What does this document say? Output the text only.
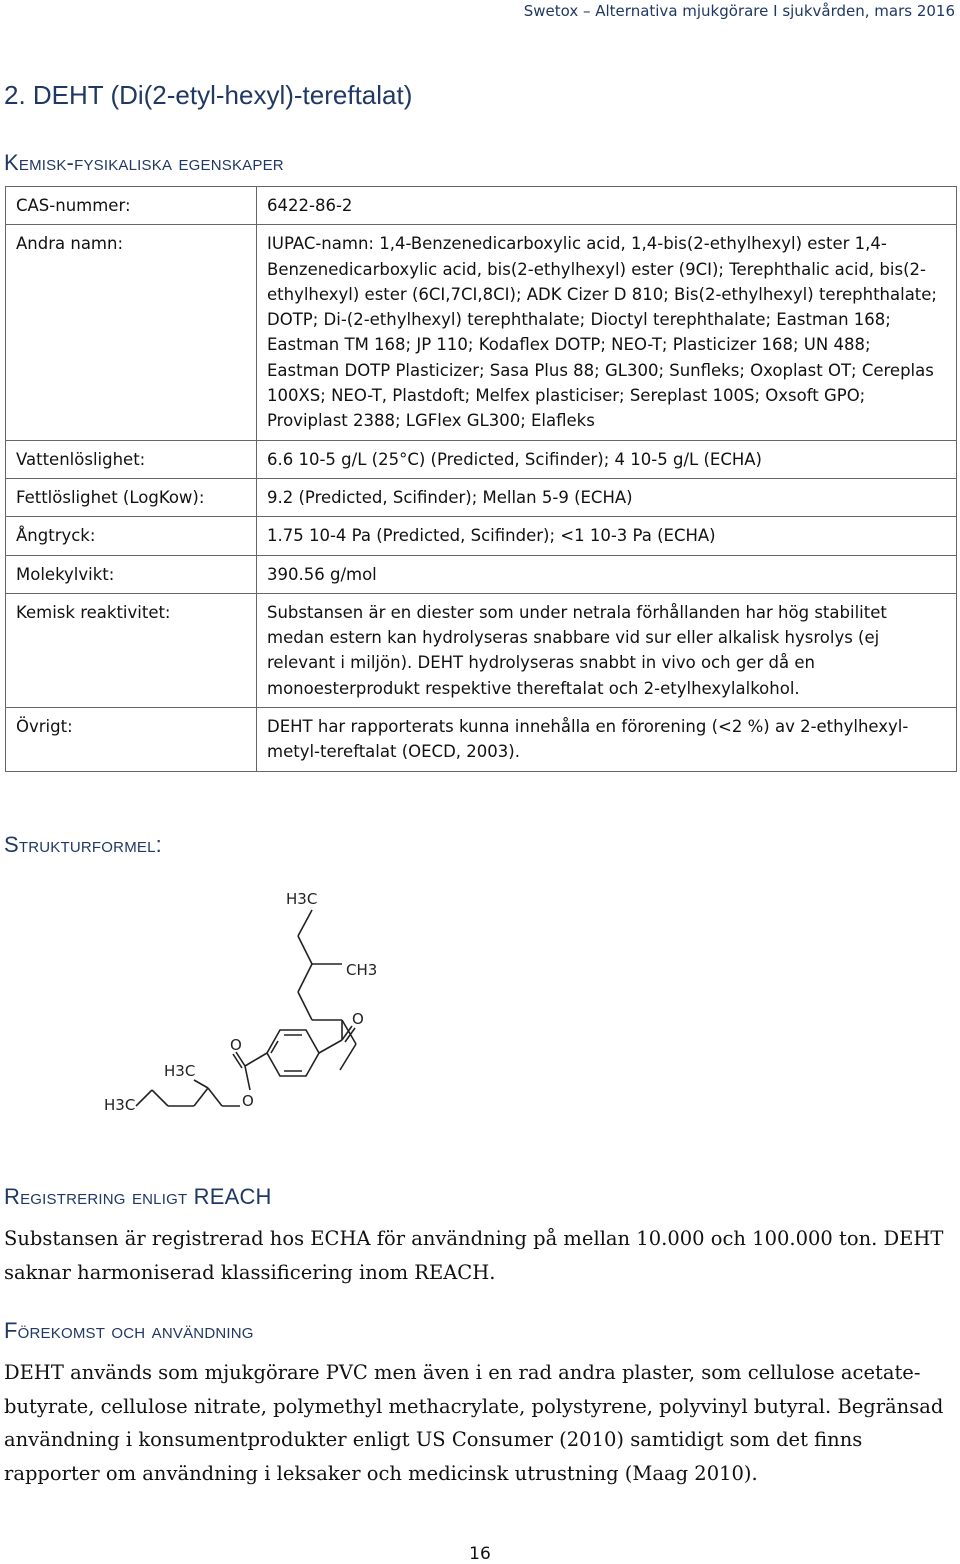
Swetox – Alternativa mjukgörare I sjukvården, mars 2016
2. DEHT (Di(2-etyl-hexyl)-tereftalat)
Kemisk-fysikaliska egenskaper
CAS-nummer:	6422-86-2
Andra namn:	IUPAC-namn: 1,4-Benzenedicarboxylic acid, 1,4-bis(2-ethylhexyl) ester 1,4-Benzenedicarboxylic acid, bis(2-ethylhexyl) ester (9CI); Terephthalic acid, bis(2-ethylhexyl) ester (6CI,7CI,8CI); ADK Cizer D 810; Bis(2-ethylhexyl) terephthalate; DOTP; Di-(2-ethylhexyl) terephthalate; Dioctyl terephthalate; Eastman 168; Eastman TM 168; JP 110; Kodaflex DOTP; NEO-T; Plasticizer 168; UN 488; Eastman DOTP Plasticizer; Sasa Plus 88; GL300; Sunfleks; Oxoplast OT; Cereplas 100XS; NEO-T, Plastdoft; Melfex plasticiser; Sereplast 100S; Oxsoft GPO; Proviplast 2388; LGFlex GL300; Elafleks
Vattenlöslighet:	6.6 10-5 g/L (25°C) (Predicted, Scifinder); 4 10-5 g/L (ECHA)
Fettlöslighet (LogKow):	9.2 (Predicted, Scifinder); Mellan 5-9 (ECHA)
Ångtryck:	1.75 10-4 Pa (Predicted, Scifinder); <1 10-3 Pa (ECHA)
Molekylvikt:	390.56 g/mol
Kemisk reaktivitet:	Substansen är en diester som under netrala förhållanden har hög stabilitet medan estern kan hydrolyseras snabbare vid sur eller alkalisk hysrolys (ej relevant i miljön). DEHT hydrolyseras snabbt in vivo och ger då en monoesterprodukt respektive thereftalat och 2-etylhexylalkohol.
Övrigt:	DEHT har rapporterats kunna innehålla en förorening (<2 %) av 2-ethylhexyl-metyl-tereftalat (OECD, 2003).
Strukturformel:
H3C
CH3
O
O
O
H3C
H3C
Registrering enligt REACH
Substansen är registrerad hos ECHA för användning på mellan 10.000 och 100.000 ton. DEHT saknar harmoniserad klassificering inom REACH.
Förekomst och användning
DEHT används som mjukgörare PVC men även i en rad andra plaster, som cellulose acetate-butyrate, cellulose nitrate, polymethyl methacrylate, polystyrene, polyvinyl butyral. Begränsad användning i konsumentprodukter enligt US Consumer (2010) samtidigt som det finns rapporter om användning i leksaker och medicinsk utrustning (Maag 2010).
16
